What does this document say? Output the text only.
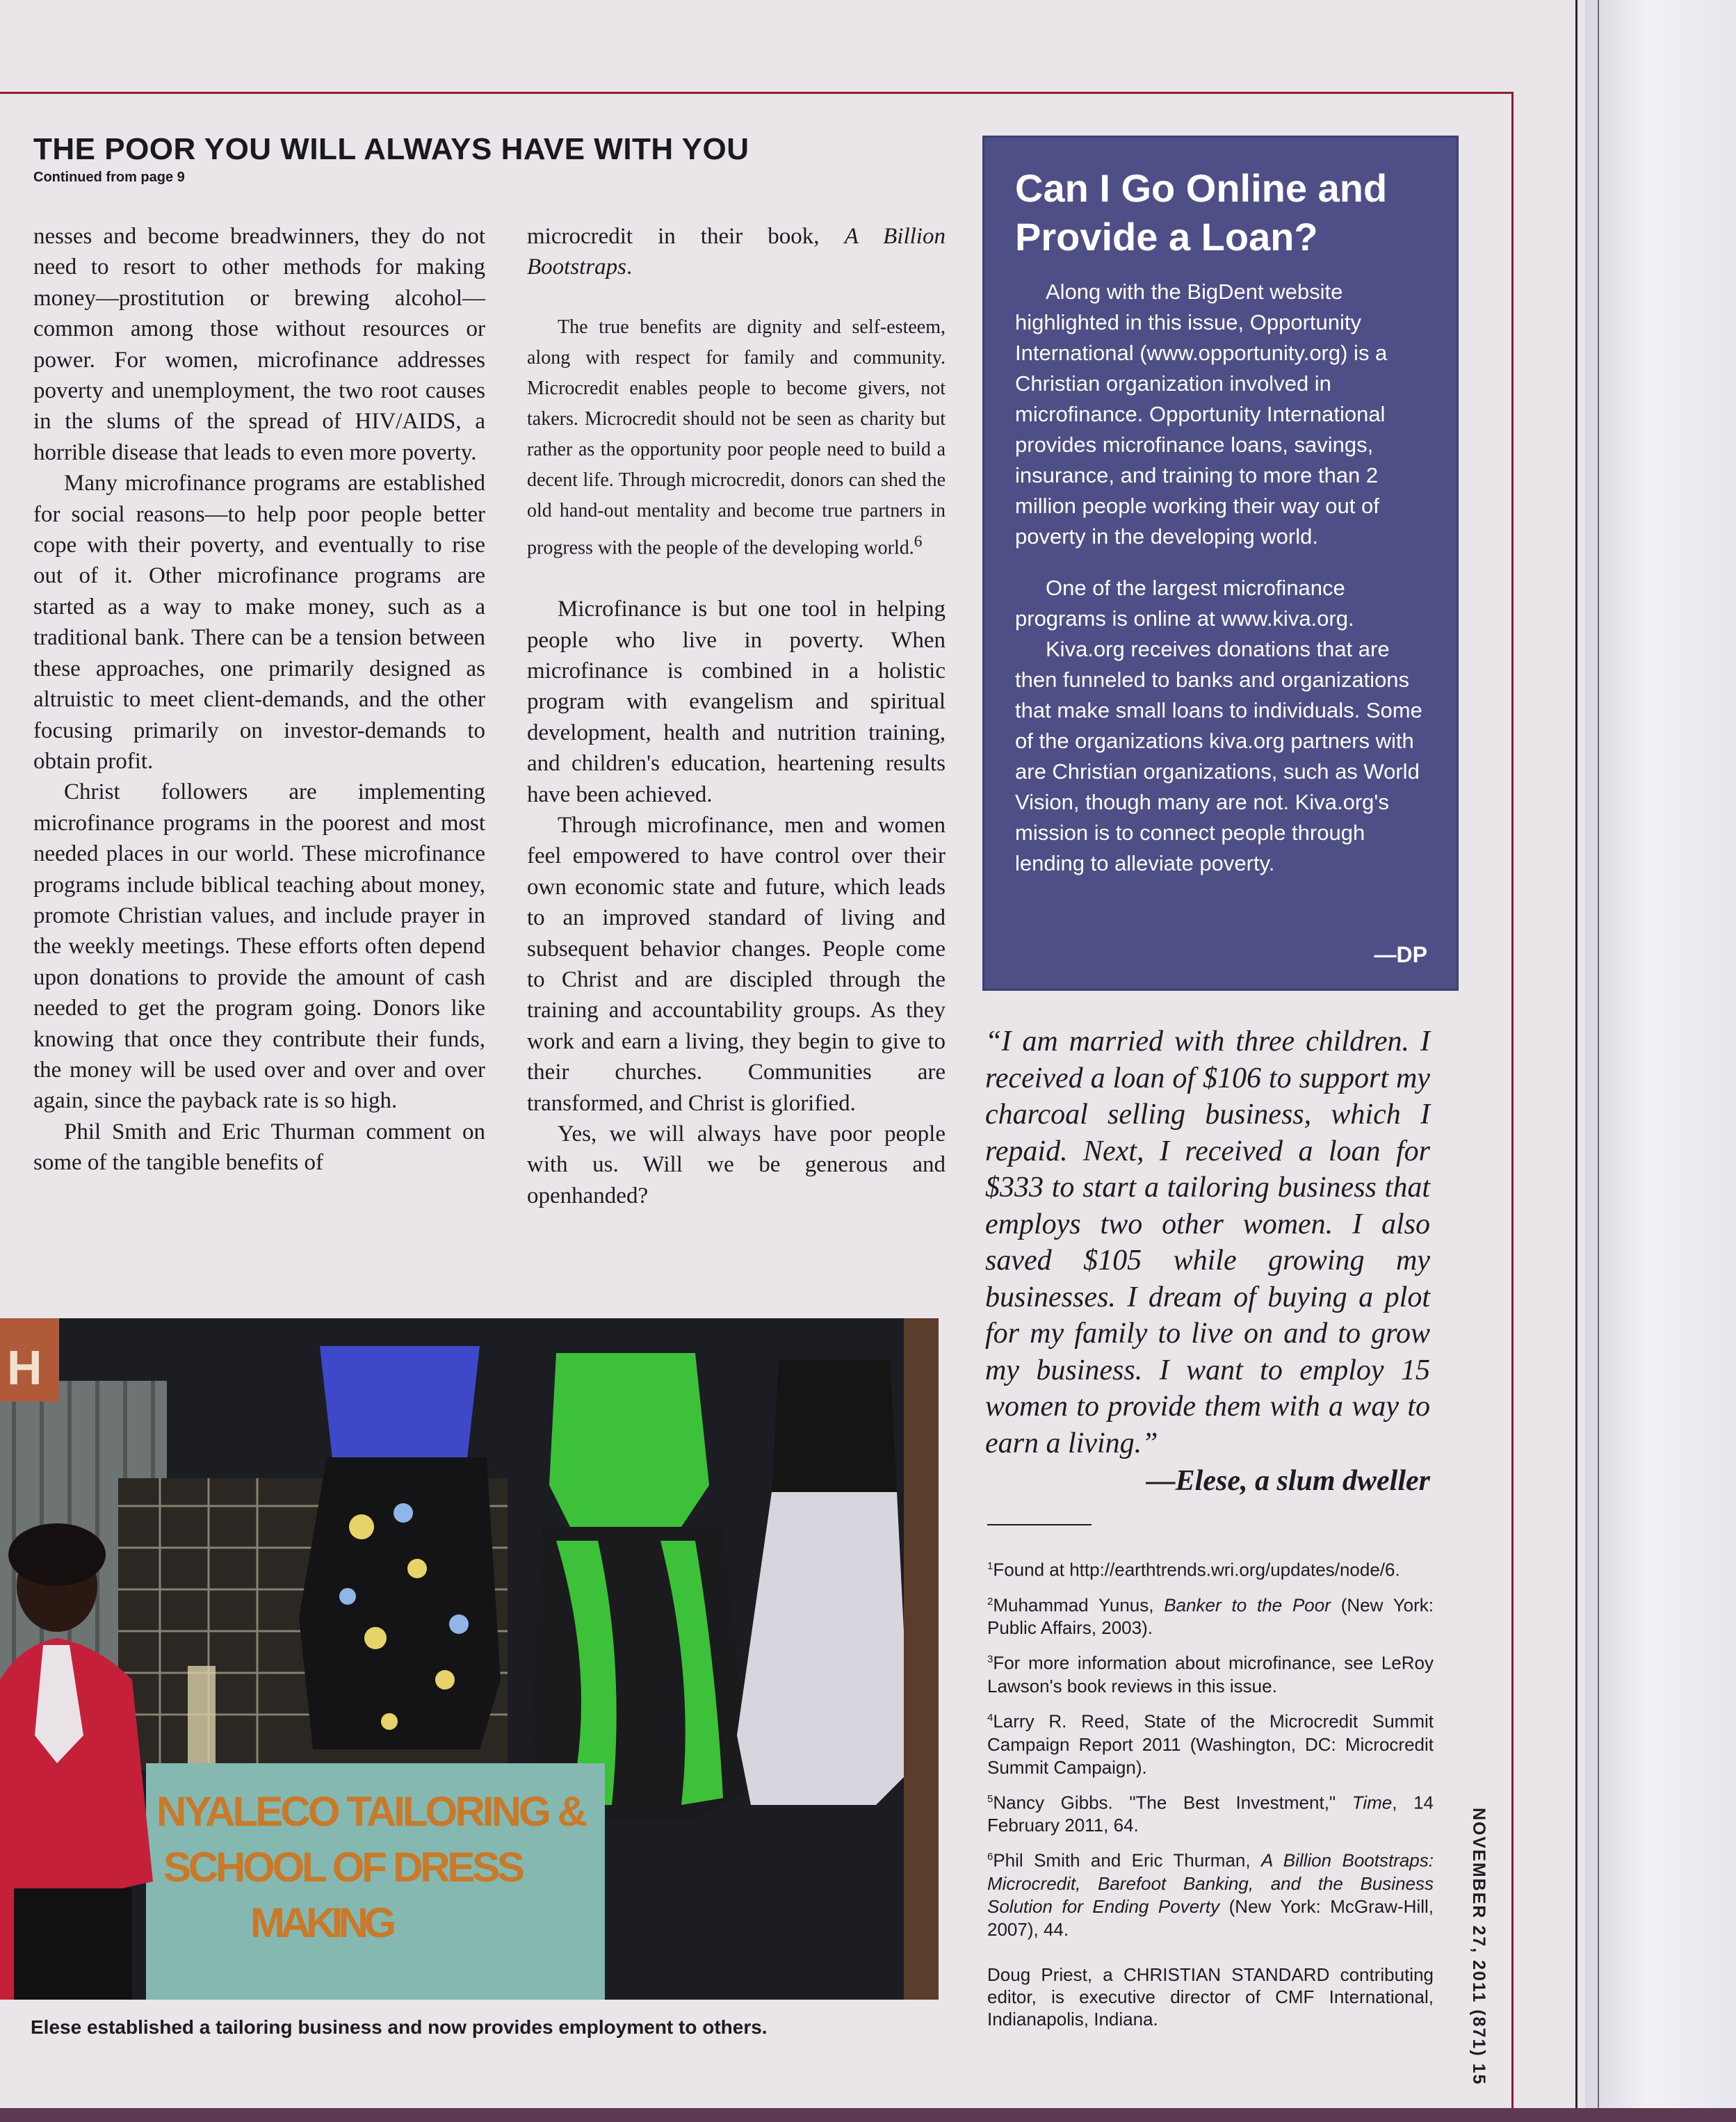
THE POOR YOU WILL ALWAYS HAVE WITH YOU
Continued from page 9

nesses and become breadwinners, they do not need to resort to other methods for making money—prostitution or brewing alcohol—common among those without resources or power. For women, microfinance addresses poverty and unemployment, the two root causes in the slums of the spread of HIV/AIDS, a horrible disease that leads to even more poverty.

Many microfinance programs are established for social reasons—to help poor people better cope with their poverty, and eventually to rise out of it. Other microfinance programs are started as a way to make money, such as a traditional bank. There can be a tension between these approaches, one primarily designed as altruistic to meet client-demands, and the other focusing primarily on investor-demands to obtain profit.

Christ followers are implementing microfinance programs in the poorest and most needed places in our world. These microfinance programs include biblical teaching about money, promote Christian values, and include prayer in the weekly meetings. These efforts often depend upon donations to provide the amount of cash needed to get the program going. Donors like knowing that once they contribute their funds, the money will be used over and over and over again, since the payback rate is so high.

Phil Smith and Eric Thurman comment on some of the tangible benefits of

microcredit in their book, A Billion Bootstraps.

The true benefits are dignity and self-esteem, along with respect for family and community. Microcredit enables people to become givers, not takers. Microcredit should not be seen as charity but rather as the opportunity poor people need to build a decent life. Through microcredit, donors can shed the old hand-out mentality and become true partners in progress with the people of the developing world.$^6$

Microfinance is but one tool in helping people who live in poverty. When microfinance is combined in a holistic program with evangelism and spiritual development, health and nutrition training, and children's education, heartening results have been achieved.

Through microfinance, men and women feel empowered to have control over their own economic state and future, which leads to an improved standard of living and subsequent behavior changes. People come to Christ and are discipled through the training and accountability groups. As they work and earn a living, they begin to give to their churches. Communities are transformed, and Christ is glorified.

Yes, we will always have poor people with us. Will we be generous and openhanded?

Can I Go Online and Provide a Loan?

Along with the BigDent website highlighted in this issue, Opportunity International (www.opportunity.org) is a Christian organization involved in microfinance. Opportunity International provides microfinance loans, savings, insurance, and training to more than 2 million people working their way out of poverty in the developing world.

One of the largest microfinance programs is online at www.kiva.org.

Kiva.org receives donations that are then funneled to banks and organizations that make small loans to individuals. Some of the organizations kiva.org partners with are Christian organizations, such as World Vision, though many are not. Kiva.org's mission is to connect people through lending to alleviate poverty.

—DP
“I am married with three children. I received a loan of $106 to support my charcoal selling business, which I repaid. Next, I received a loan for $333 to start a tailoring business that employs two other women. I also saved $105 while growing my businesses. I dream of buying a plot for my family to live on and to grow my business. I want to employ 15 women to provide them with a way to earn a living.”
—Elese, a slum dweller

$^1$Found at http://earthtrends.wri.org/updates/node/6.

$^2$Muhammad Yunus, Banker to the Poor (New York: Public Affairs, 2003).

$^3$For more information about microfinance, see LeRoy Lawson's book reviews in this issue.

$^4$Larry R. Reed, State of the Microcredit Summit Campaign Report 2011 (Washington, DC: Microcredit Summit Campaign).

$^5$Nancy Gibbs. "The Best Investment," Time, 14 February 2011, 64.

$^6$Phil Smith and Eric Thurman, A Billion Bootstraps: Microcredit, Barefoot Banking, and the Business Solution for Ending Poverty (New York: McGraw-Hill, 2007), 44.

Doug Priest, a CHRISTIAN STANDARD contributing editor, is executive director of CMF International, Indianapolis, Indiana.	NOVEMBER 27, 2011 (871) 15
H
NYALECO TAILORING &
SCHOOL OF DRESS
MAKING
Elese established a tailoring business and now provides employment to others.
